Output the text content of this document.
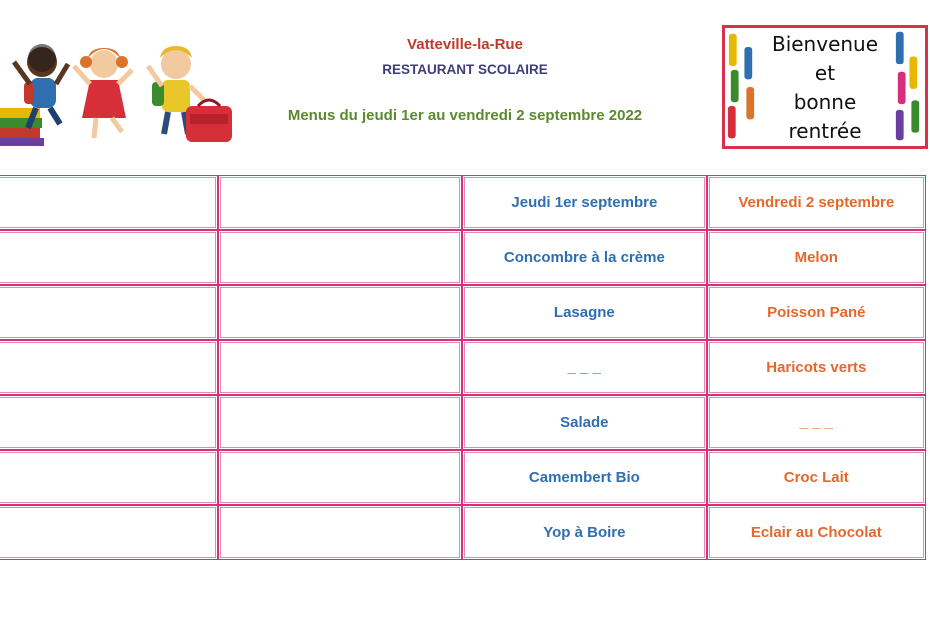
Vatteville-la-Rue
RESTAURANT SCOLAIRE
Menus du jeudi 1er au vendredi 2 septembre 2022
Bienvenue
et
bonne
rentrée
		Jeudi 1er septembre	Vendredi 2 septembre
		Concombre à la crème	Melon
		Lasagne	Poisson Pané
		_ _ _	Haricots verts
		Salade	_ _ _
		Camembert Bio	Croc Lait
		Yop à Boire	Eclair au Chocolat
